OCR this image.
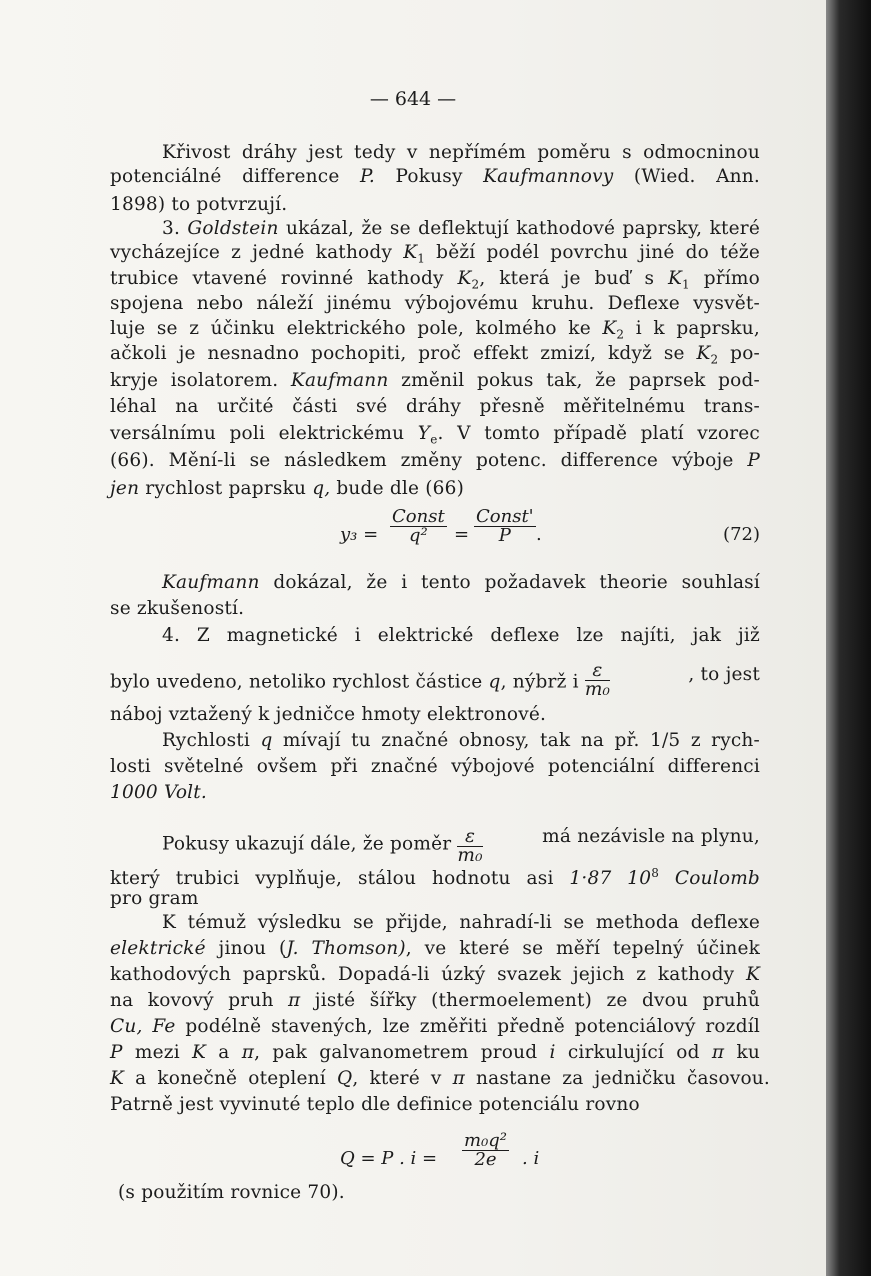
— 644 —

Křivost dráhy jest tedy v nepřímém poměru s odmocninou

potenciálné difference P. Pokusy Kaufmannovy (Wied. Ann.

1898) to potvrzují.

3. Goldstein ukázal, že se deflektují kathodové paprsky, které

vycházejíce z jedné kathody $K_1$ běží podél povrchu jiné do téže

trubice vtavené rovinné kathody $K_2$, která je buď s $K_1$ přímo

spojena nebo náleží jinému výbojovému kruhu. Deflexe vysvět-

luje se z účinku elektrického pole, kolmého ke $K_2$ i k paprsku,

ačkoli je nesnadno pochopiti, proč effekt zmizí, když se $K_2$ po-

kryje isolatorem. Kaufmann změnil pokus tak, že paprsek pod-

léhal na určité části své dráhy přesně měřitelnému trans-

versálnímu poli elektrickému $Y_e$. V tomto případě platí vzorec

(66). Mění-li se následkem změny potenc. difference výboje P

jen rychlost paprsku q, bude dle (66)

y₃ =
Const
q²	=
Const'
P	.	(72)

Kaufmann dokázal, že i tento požadavek theorie souhlasí

se zkušeností.

4. Z magnetické i elektrické deflexe lze najíti, jak již

bylo uvedeno, netoliko rychlost částice q, nýbrž i $\frac{\varepsilon}{\text{m₀}}$	, to jest

náboj vztažený k jedničce hmoty elektronové.

Rychlosti q mívají tu značné obnosy, tak na př. 1/5 z rych-

losti světelné ovšem při značné výbojové potenciální differenci

1000 Volt.

Pokusy ukazují dále, že poměr $\frac{\varepsilon}{\text{m₀}}$	má nezávisle na plynu,

který trubici vyplňuje, stálou hodnotu asi 1·87 $10^8$ Coulomb

pro gram

K témuž výsledku se přijde, nahradí-li se methoda deflexe

elektrické jinou (J. Thomson), ve které se měří tepelný účinek

kathodových paprsků. Dopadá-li úzký svazek jejich z kathody K

na kovový pruh π jisté šířky (thermoelement) ze dvou pruhů

Cu, Fe podélně stavených, lze změřiti předně potenciálový rozdíl

P mezi K a π, pak galvanometrem proud i cirkulující od π ku

K a konečně oteplení Q, které v π nastane za jedničku časovou.

Patrně jest vyvinuté teplo dle definice potenciálu rovno

Q = P . $i = \frac{\text{m₀q²}}{2e}$ . i

(s použitím rovnice 70).
